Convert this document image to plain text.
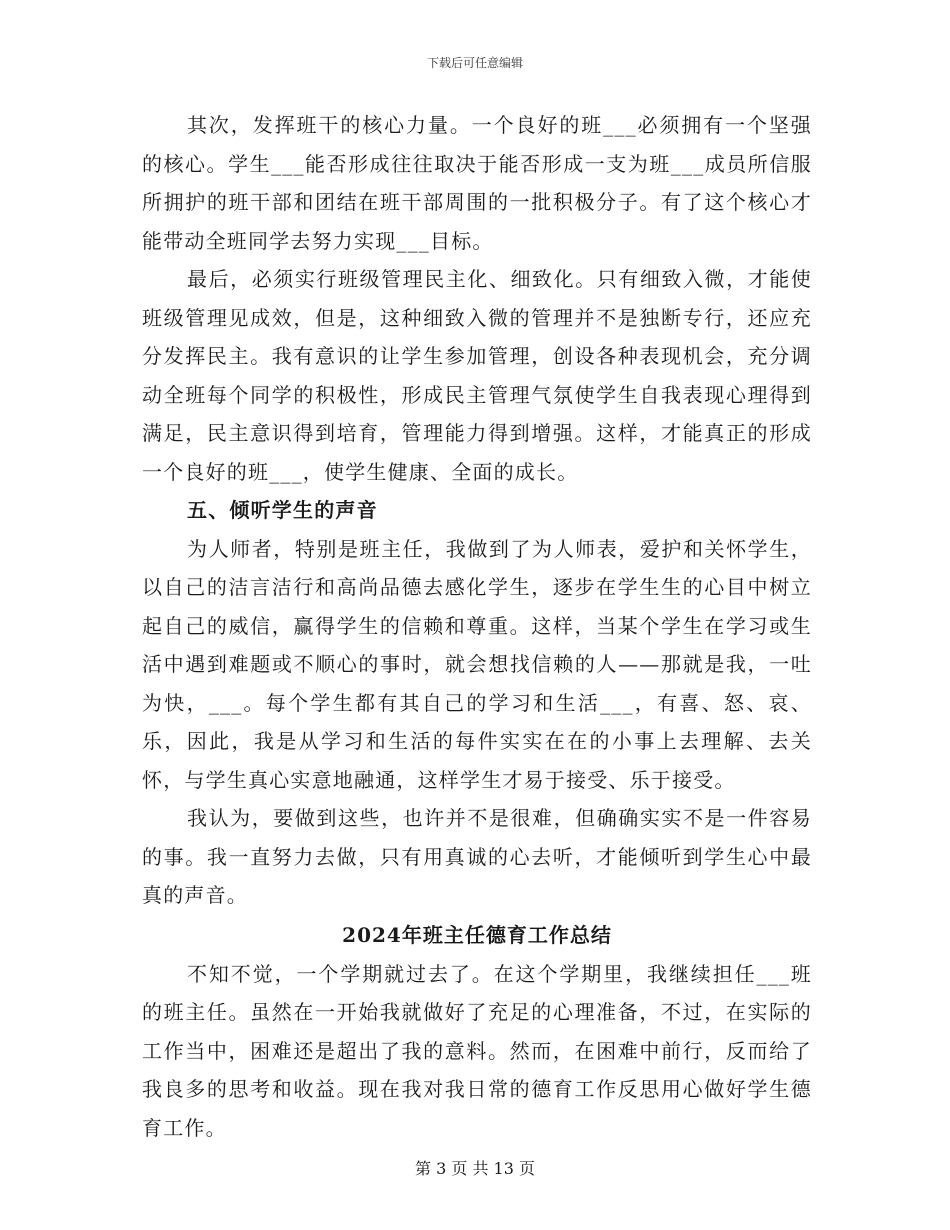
下载后可任意编辑

其次，发挥班干的核心力量。一个良好的班___必须拥有一个坚强的核心。学生___能否形成往往取决于能否形成一支为班___成员所信服所拥护的班干部和团结在班干部周围的一批积极分子。有了这个核心才能带动全班同学去努力实现___目标。

最后，必须实行班级管理民主化、细致化。只有细致入微，才能使班级管理见成效，但是，这种细致入微的管理并不是独断专行，还应充分发挥民主。我有意识的让学生参加管理，创设各种表现机会，充分调动全班每个同学的积极性，形成民主管理气氛使学生自我表现心理得到满足，民主意识得到培育，管理能力得到增强。这样，才能真正的形成一个良好的班___，使学生健康、全面的成长。

五、倾听学生的声音

为人师者，特别是班主任，我做到了为人师表，爱护和关怀学生，以自己的洁言洁行和高尚品德去感化学生，逐步在学生生的心目中树立起自己的威信，赢得学生的信赖和尊重。这样，当某个学生在学习或生活中遇到难题或不顺心的事时，就会想找信赖的人——那就是我，一吐为快，___。每个学生都有其自己的学习和生活___，有喜、怒、哀、乐，因此，我是从学习和生活的每件实实在在的小事上去理解、去关怀，与学生真心实意地融通，这样学生才易于接受、乐于接受。

我认为，要做到这些，也许并不是很难，但确确实实不是一件容易的事。我一直努力去做，只有用真诚的心去听，才能倾听到学生心中最真的声音。

2024年班主任德育工作总结

不知不觉，一个学期就过去了。在这个学期里，我继续担任___班的班主任。虽然在一开始我就做好了充足的心理准备，不过，在实际的工作当中，困难还是超出了我的意料。然而，在困难中前行，反而给了我良多的思考和收益。现在我对我日常的德育工作反思用心做好学生德育工作。

第 3 页 共 13 页
